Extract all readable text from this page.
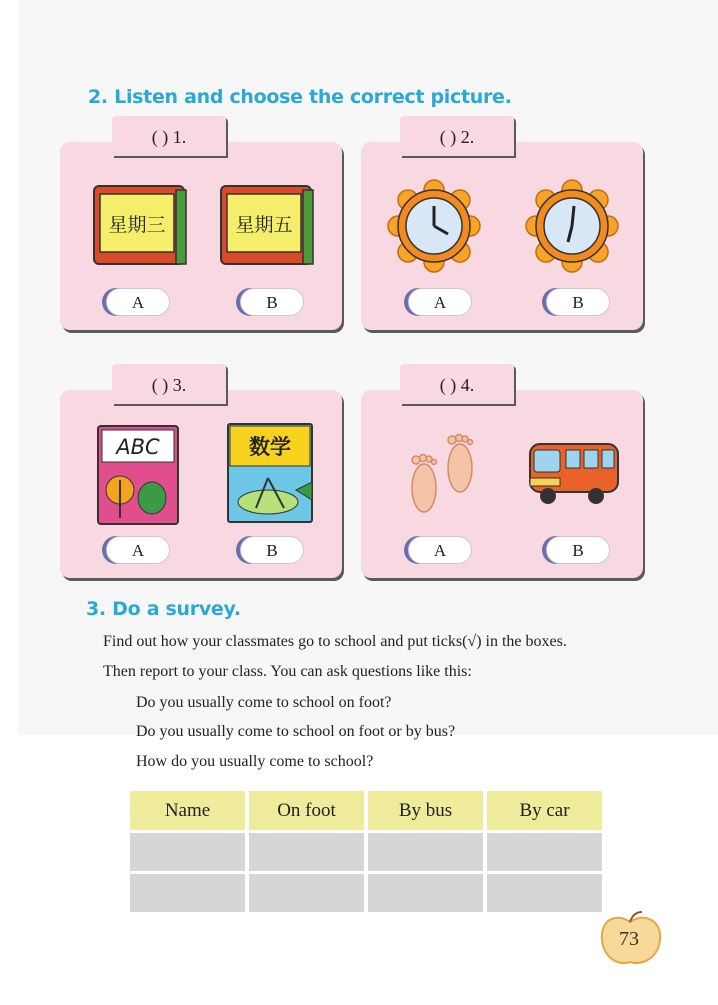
2. Listen and choose the correct picture.
( ) 1.
星期三	星期五
A	B
( ) 2.
A	B
( ) 3.
ABC	数学
A	B
( ) 4.
A	B
3. Do a survey.
Find out how your classmates go to school and put ticks(√) in the boxes.
Then report to your class. You can ask questions like this:
Do you usually come to school on foot?
Do you usually come to school on foot or by bus?
How do you usually come to school?
Name	On foot	By bus	By car

73
